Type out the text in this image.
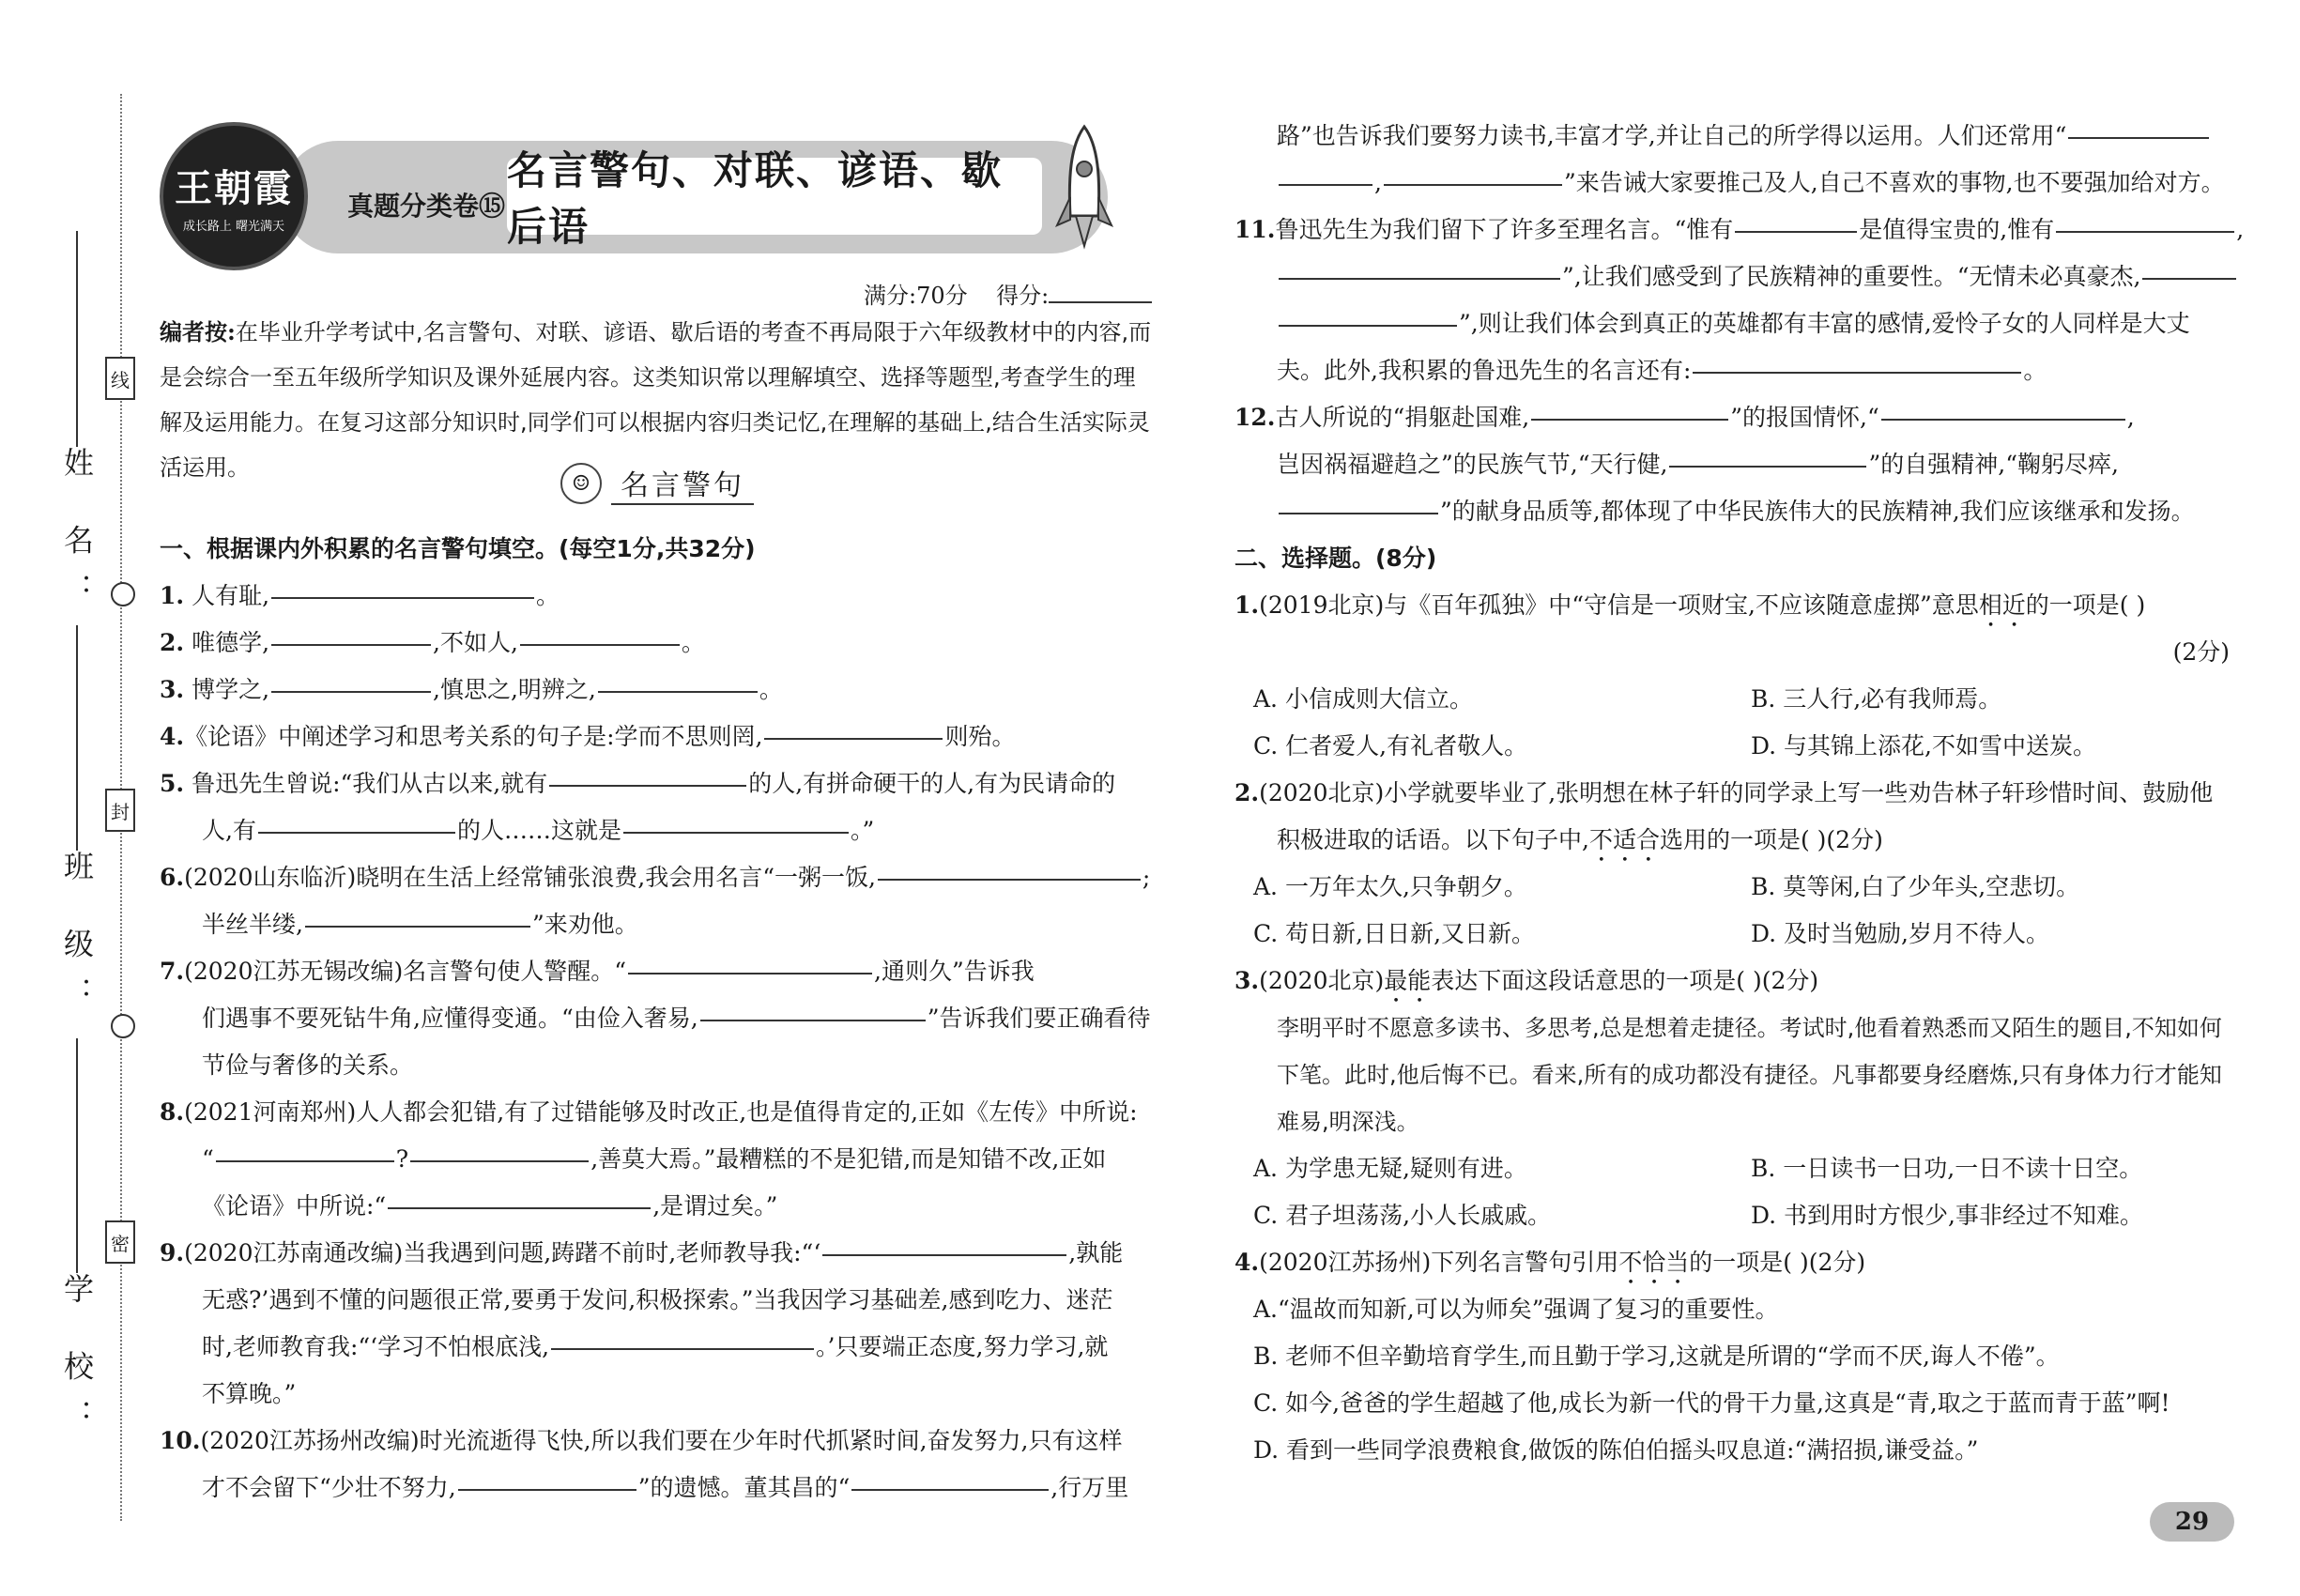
姓 名：
班 级：
学 校：
线
封
密
王朝霞
成长路上 曙光满天
真题分类卷⑮
名言警句、对联、谚语、歇后语
满分:70分 得分:
编者按:在毕业升学考试中,名言警句、对联、谚语、歇后语的考查不再局限于六年级教材中的内容,而是会综合一至五年级所学知识及课外延展内容。这类知识常以理解填空、选择等题型,考查学生的理解及运用能力。在复习这部分知识时,同学们可以根据内容归类记忆,在理解的基础上,结合生活实际灵活运用。
☺	名言警句
一、根据课内外积累的名言警句填空。(每空1分,共32分)
1. 人有耻,	。
2. 唯德学,	,不如人,	。
3. 博学之,	,慎思之,明辨之,	。
4.《论语》中阐述学习和思考关系的句子是:学而不思则罔,	则殆。
5. 鲁迅先生曾说:“我们从古以来,就有	的人,有拼命硬干的人,有为民请命的
人,有	的人……这就是	。”
6.(2020山东临沂)晓明在生活上经常铺张浪费,我会用名言“一粥一饭,	;
半丝半缕,	”来劝他。
7.(2020江苏无锡改编)名言警句使人警醒。“	,通则久”告诉我
们遇事不要死钻牛角,应懂得变通。“由俭入奢易,	”告诉我们要正确看待
节俭与奢侈的关系。
8.(2021河南郑州)人人都会犯错,有了过错能够及时改正,也是值得肯定的,正如《左传》中所说:
“	?	,善莫大焉。”最糟糕的不是犯错,而是知错不改,正如
《论语》中所说:“	,是谓过矣。”
9.(2020江苏南通改编)当我遇到问题,踌躇不前时,老师教导我:“‘	,孰能
无惑?’遇到不懂的问题很正常,要勇于发问,积极探索。”当我因学习基础差,感到吃力、迷茫
时,老师教育我:“‘学习不怕根底浅,	。’只要端正态度,努力学习,就
不算晚。”
10.(2020江苏扬州改编)时光流逝得飞快,所以我们要在少年时代抓紧时间,奋发努力,只有这样
才不会留下“少壮不努力,	”的遗憾。董其昌的“	,行万里
路”也告诉我们要努力读书,丰富才学,并让自己的所学得以运用。人们还常用“
,	”来告诫大家要推己及人,自己不喜欢的事物,也不要强加给对方。
11.鲁迅先生为我们留下了许多至理名言。“惟有	是值得宝贵的,惟有	,
”,让我们感受到了民族精神的重要性。“无情未必真豪杰,
”,则让我们体会到真正的英雄都有丰富的感情,爱怜子女的人同样是大丈
夫。此外,我积累的鲁迅先生的名言还有:	。
12.古人所说的“捐躯赴国难,	”的报国情怀,“	,
岂因祸福避趋之”的民族气节,“天行健,	”的自强精神,“鞠躬尽瘁,
”的献身品质等,都体现了中华民族伟大的民族精神,我们应该继承和发扬。
二、选择题。(8分)
1.(2019北京)与《百年孤独》中“守信是一项财宝,不应该随意虚掷”意思相近的一项是( )
(2分)
A. 小信成则大信立。	B. 三人行,必有我师焉。
C. 仁者爱人,有礼者敬人。	D. 与其锦上添花,不如雪中送炭。
2.(2020北京)小学就要毕业了,张明想在林子轩的同学录上写一些劝告林子轩珍惜时间、鼓励他
积极进取的话语。以下句子中,不适合选用的一项是( )(2分)
A. 一万年太久,只争朝夕。	B. 莫等闲,白了少年头,空悲切。
C. 苟日新,日日新,又日新。	D. 及时当勉励,岁月不待人。
3.(2020北京)最能表达下面这段话意思的一项是( )(2分)
李明平时不愿意多读书、多思考,总是想着走捷径。考试时,他看着熟悉而又陌生的题目,不知如何下笔。此时,他后悔不已。看来,所有的成功都没有捷径。凡事都要身经磨炼,只有身体力行才能知难易,明深浅。
A. 为学患无疑,疑则有进。	B. 一日读书一日功,一日不读十日空。
C. 君子坦荡荡,小人长戚戚。	D. 书到用时方恨少,事非经过不知难。
4.(2020江苏扬州)下列名言警句引用不恰当的一项是( )(2分)
A.“温故而知新,可以为师矣”强调了复习的重要性。
B. 老师不但辛勤培育学生,而且勤于学习,这就是所谓的“学而不厌,诲人不倦”。
C. 如今,爸爸的学生超越了他,成长为新一代的骨干力量,这真是“青,取之于蓝而青于蓝”啊!
D. 看到一些同学浪费粮食,做饭的陈伯伯摇头叹息道:“满招损,谦受益。”
29
